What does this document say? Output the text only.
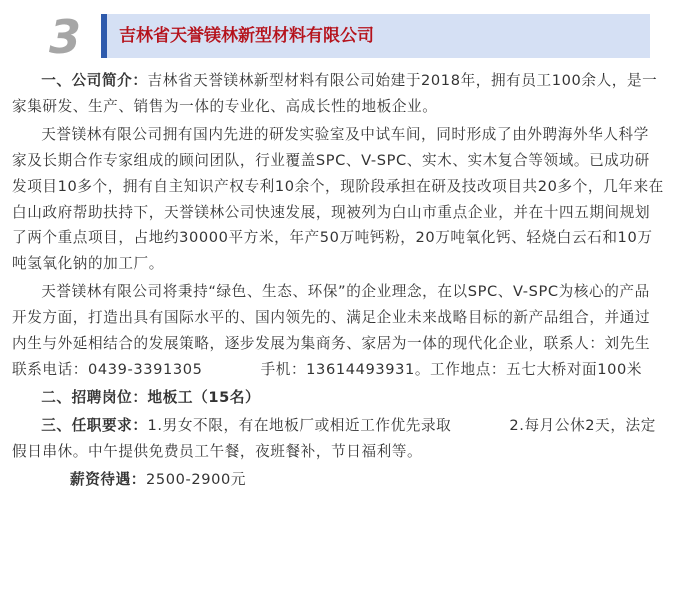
3 吉林省天誉镁林新型材料有限公司

一、公司简介：吉林省天誉镁林新型材料有限公司始建于2018年，拥有员工100余人，是一家集研发、生产、销售为一体的专业化、高成长性的地板企业。

天誉镁林有限公司拥有国内先进的研发实验室及中试车间，同时形成了由外聘海外华人科学家及长期合作专家组成的顾问团队，行业覆盖SPC、V-SPC、实木、实木复合等领域。已成功研发项目10多个，拥有自主知识产权专利10余个，现阶段承担在研及技改项目共20多个，几年来在白山政府帮助扶持下，天誉镁林公司快速发展，现被列为白山市重点企业，并在十四五期间规划了两个重点项目，占地约30000平方米，年产50万吨钙粉，20万吨氧化钙、轻烧白云石和10万吨氢氧化钠的加工厂。

天誉镁林有限公司将秉持“绿色、生态、环保”的企业理念，在以SPC、V-SPC为核心的产品开发方面，打造出具有国际水平的、国内领先的、满足企业未来战略目标的新产品组合，并通过内生与外延相结合的发展策略，逐步发展为集商务、家居为一体的现代化企业，联系人：刘先生联系电话：0439-3391305	手机：13614493931。工作地点：五七大桥对面100米

二、招聘岗位：地板工（15名）

三、任职要求：1.男女不限，有在地板厂或相近工作优先录取	2.每月公休2天，法定假日串休。中午提供免费员工午餐，夜班餐补，节日福利等。

薪资待遇：2500-2900元
